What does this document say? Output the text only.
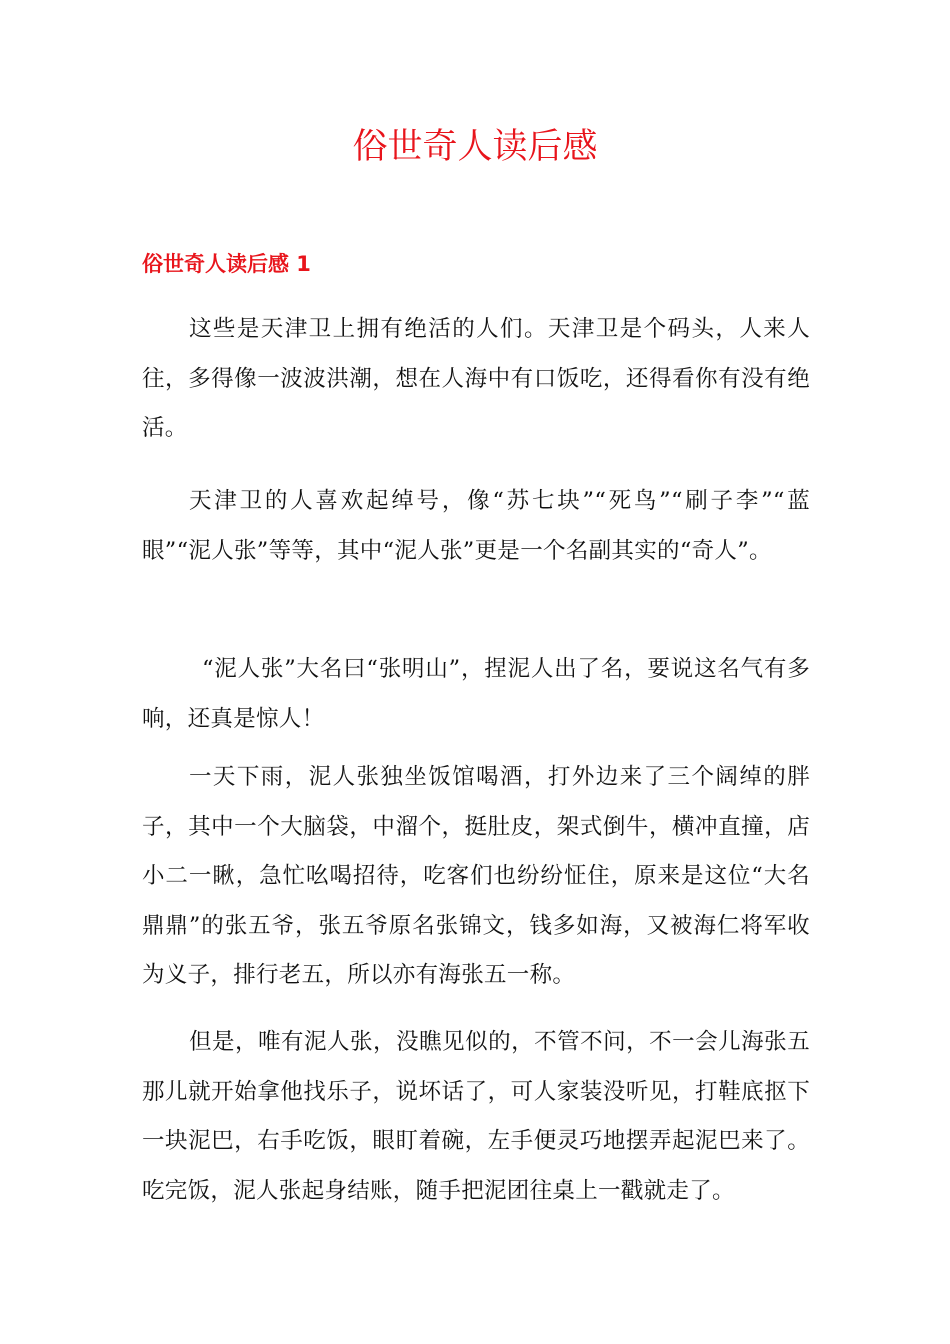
俗世奇人读后感
俗世奇人读后感 1

这些是天津卫上拥有绝活的人们。天津卫是个码头，人来人往，多得像一波波洪潮，想在人海中有口饭吃，还得看你有没有绝活。

天津卫的人喜欢起绰号，像“苏七块”“死鸟”“刷子李”“蓝眼”“泥人张”等等，其中“泥人张”更是一个名副其实的“奇人”。

“泥人张”大名曰“张明山”，捏泥人出了名，要说这名气有多响，还真是惊人！

一天下雨，泥人张独坐饭馆喝酒，打外边来了三个阔绰的胖子，其中一个大脑袋，中溜个，挺肚皮，架式倒牛，横冲直撞，店小二一瞅，急忙吆喝招待，吃客们也纷纷怔住，原来是这位“大名鼎鼎”的张五爷，张五爷原名张锦文，钱多如海，又被海仁将军收为义子，排行老五，所以亦有海张五一称。

但是，唯有泥人张，没瞧见似的，不管不问，不一会儿海张五那儿就开始拿他找乐子，说坏话了，可人家装没听见，打鞋底抠下一块泥巴，右手吃饭，眼盯着碗，左手便灵巧地摆弄起泥巴来了。吃完饭，泥人张起身结账，随手把泥团往桌上一戳就走了。
